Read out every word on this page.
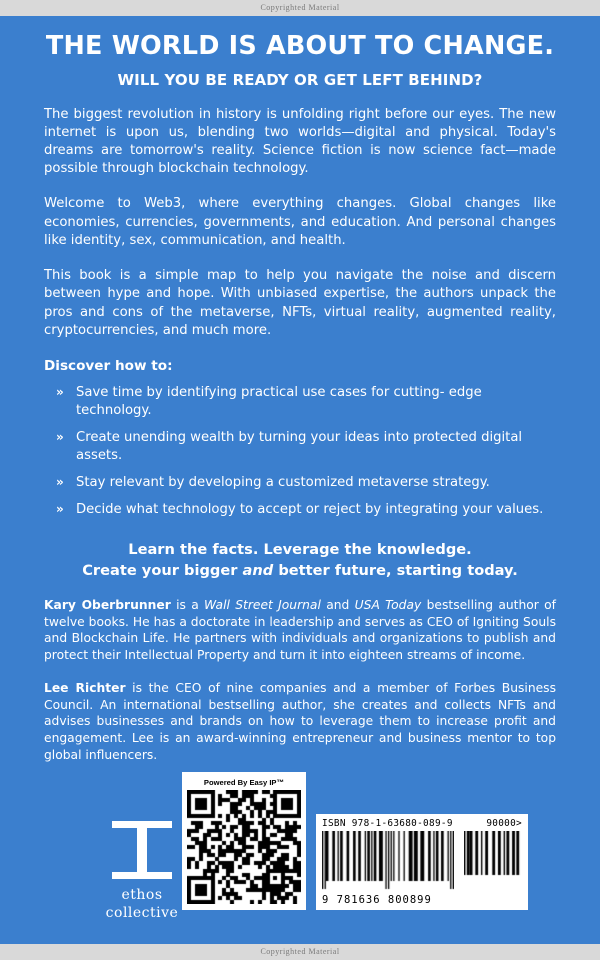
Copyrighted Material
THE WORLD IS ABOUT TO CHANGE.
WILL YOU BE READY OR GET LEFT BEHIND?

The biggest revolution in history is unfolding right before our eyes. The new internet is upon us, blending two worlds—digital and physical. Today's dreams are tomorrow's reality. Science fiction is now science fact—made possible through blockchain technology.

Welcome to Web3, where everything changes. Global changes like economies, currencies, governments, and education. And personal changes like identity, sex, communication, and health.

This book is a simple map to help you navigate the noise and discern between hype and hope. With unbiased expertise, the authors unpack the pros and cons of the metaverse, NFTs, virtual reality, augmented reality, cryptocurrencies, and much more.

Discover how to:
» Save time by identifying practical use cases for cutting- edge technology.
» Create unending wealth by turning your ideas into protected digital assets.
» Stay relevant by developing a customized metaverse strategy.
» Decide what technology to accept or reject by integrating your values.
Learn the facts. Leverage the knowledge.
Create your bigger and better future, starting today.

Kary Oberbrunner is a Wall Street Journal and USA Today bestselling author of twelve books. He has a doctorate in leadership and serves as CEO of Igniting Souls and Blockchain Life. He partners with individuals and organizations to publish and protect their Intellectual Property and turn it into eighteen streams of income.

Lee Richter is the CEO of nine companies and a member of Forbes Business Council. An international bestselling author, she creates and collects NFTs and advises businesses and brands on how to leverage them to increase profit and engagement. Lee is an award-winning entrepreneur and business mentor to top global influencers.

ethos
collective
Powered By Easy IP™
ISBN 978-1-63680-089-9	90000>
9 781636 800899
Copyrighted Material
